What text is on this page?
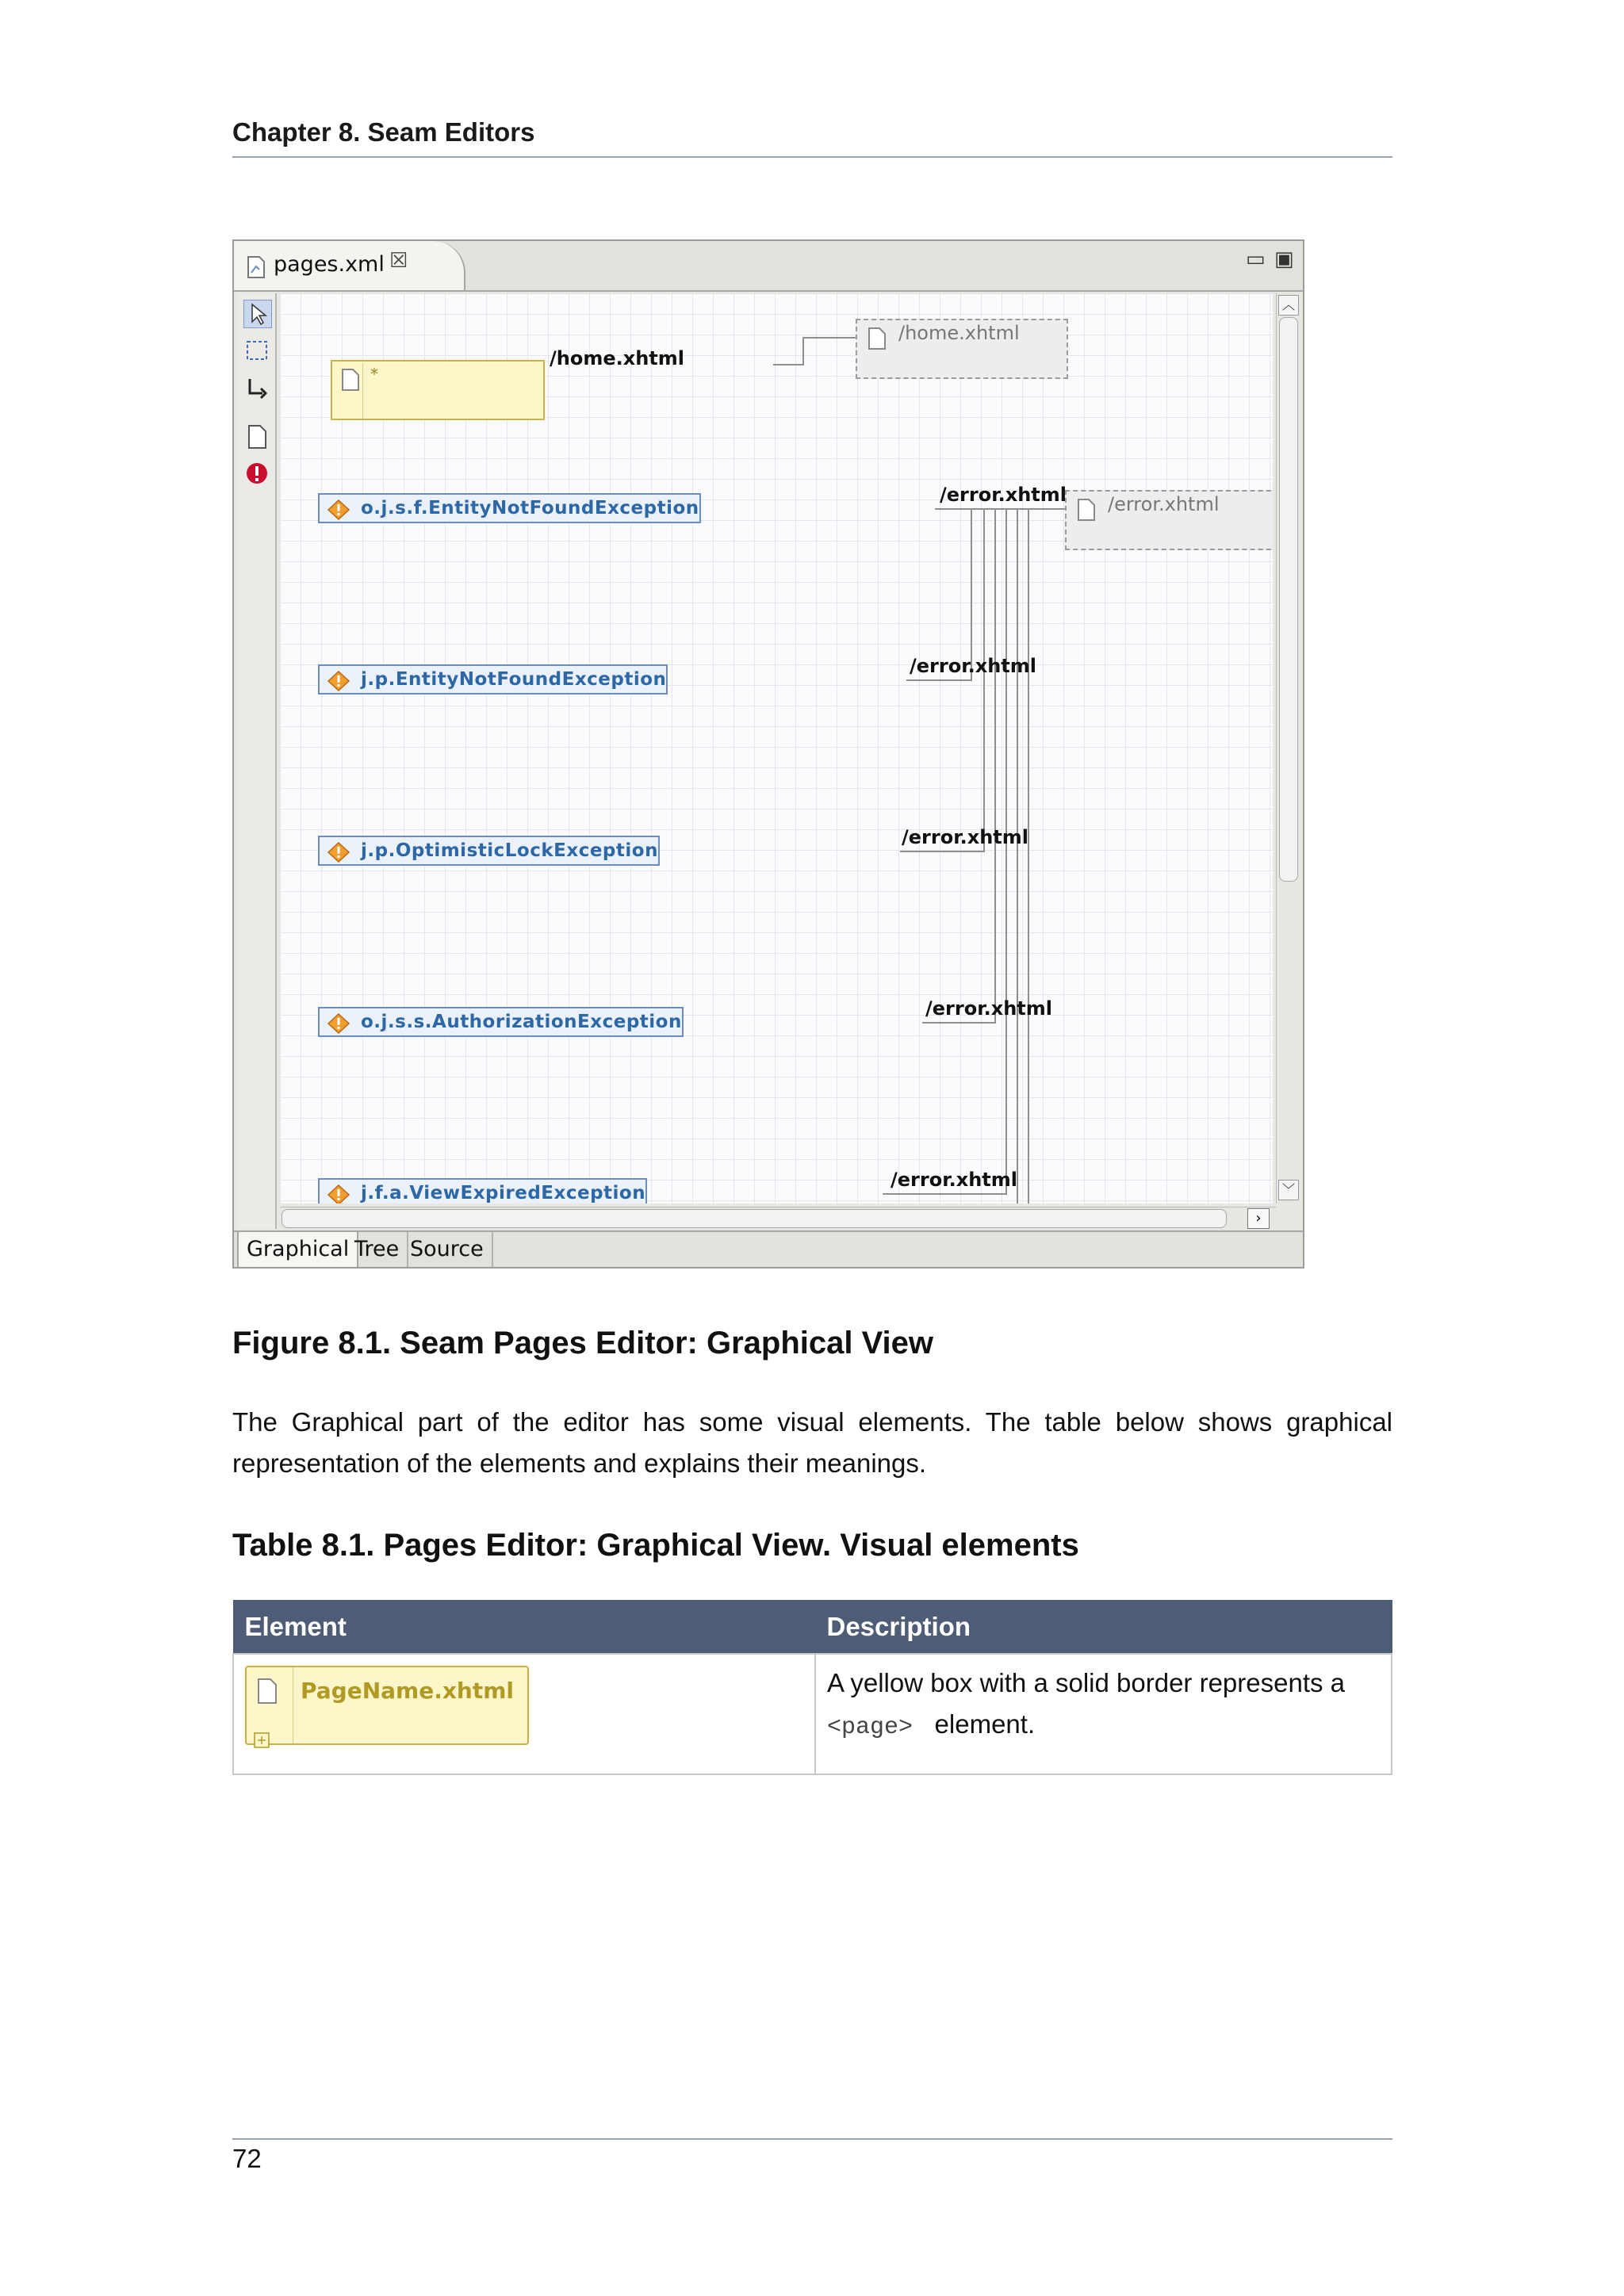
Chapter 8. Seam Editors
pages.xml ☒	▭ ▣
*
/home.xhtml
/home.xhtml
/error.xhtml
o.j.s.f.EntityNotFoundException
/error.xhtml
j.p.EntityNotFoundException
/error.xhtml
j.p.OptimisticLockException
/error.xhtml
o.j.s.s.AuthorizationException
/error.xhtml
j.f.a.ViewExpiredException
/error.xhtml
︿
﹀
›
Graphical Tree Source
Figure 8.1. Seam Pages Editor: Graphical View
The Graphical part of the editor has some visual elements. The table below shows graphical representation of the elements and explains their meanings.
Table 8.1. Pages Editor: Graphical View. Visual elements
Element	Description

PageName.xhtml	A yellow box with a solid border represents a
<page> element.
72
